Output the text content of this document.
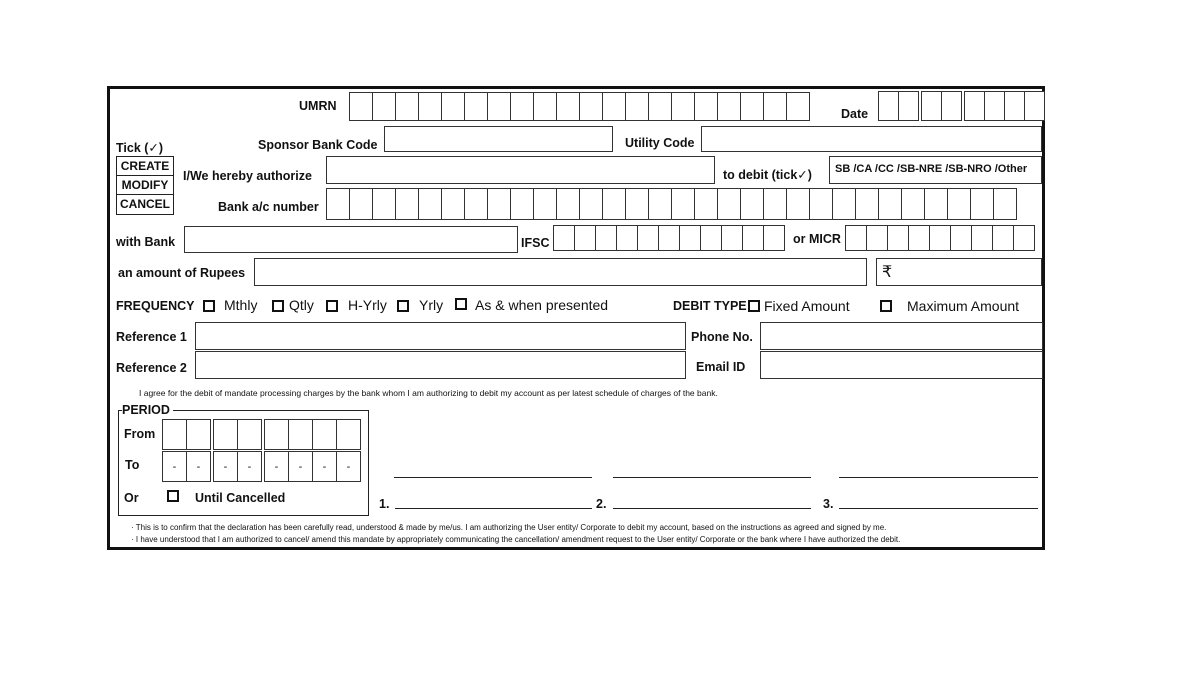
UMRN
Date
Tick (✓)
CREATE
MODIFY
CANCEL
Sponsor Bank Code	Utility Code
I/We hereby authorize	to debit (tick✓)	SB /CA /CC /SB-NRE /SB-NRO /Other
Bank a/c number
with Bank	IFSC	or MICR
an amount of Rupees	₹
FREQUENCY Mthly Qtly H-Yrly Yrly As & when presented	DEBIT TYPE Fixed Amount	Maximum Amount
Reference 1	Phone No.
Reference 2	Email ID
I agree for the debit of mandate processing charges by the bank whom I am authorizing to debit my account as per latest schedule of charges of the bank.
PERIOD
From
To	-	-	-	-	-	-	-	-
Or	Until Cancelled	1.	2.	3.
· This is to confirm that the declaration has been carefully read, understood & made by me/us. I am authorizing the User entity/ Corporate to debit my account, based on the instructions as agreed and signed by me.
· I have understood that I am authorized to cancel/ amend this mandate by appropriately communicating the cancellation/ amendment request to the User entity/ Corporate or the bank where I have authorized the debit.
